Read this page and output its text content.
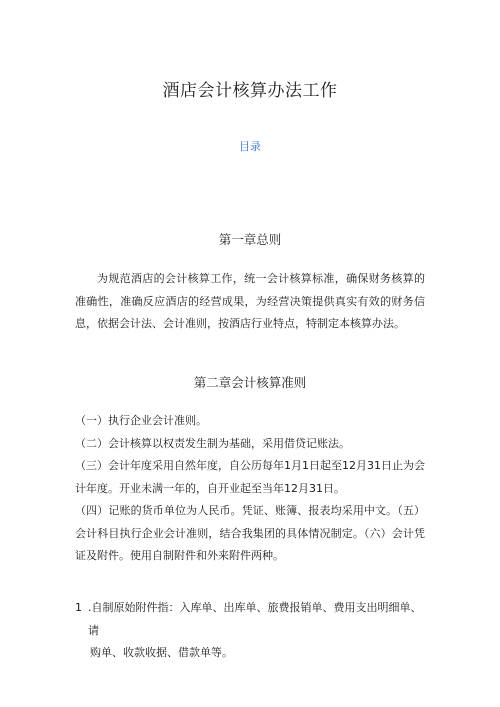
酒店会计核算办法工作
目录
第一章总则
为规范酒店的会计核算工作，统一会计核算标准，确保财务核算的准确性，准确反应酒店的经营成果，为经营决策提供真实有效的财务信息，依据会计法、会计准则，按酒店行业特点，特制定本核算办法。
第二章会计核算准则

（一）执行企业会计准则。

（二）会计核算以权责发生制为基础，采用借贷记账法。

（三）会计年度采用自然年度，自公历每年1月1日起至12月31日止为会计年度。开业未满一年的，自开业起至当年12月31日。

（四）记账的货币单位为人民币。凭证、账簿、报表均采用中文。（五）会计科目执行企业会计准则，结合我集团的具体情况制定。（六）会计凭证及附件。使用自制附件和外来附件两种。

1 .自制原始附件指：入库单、出库单、旅费报销单、费用支出明细单、请
购单、收款收据、借款单等。
